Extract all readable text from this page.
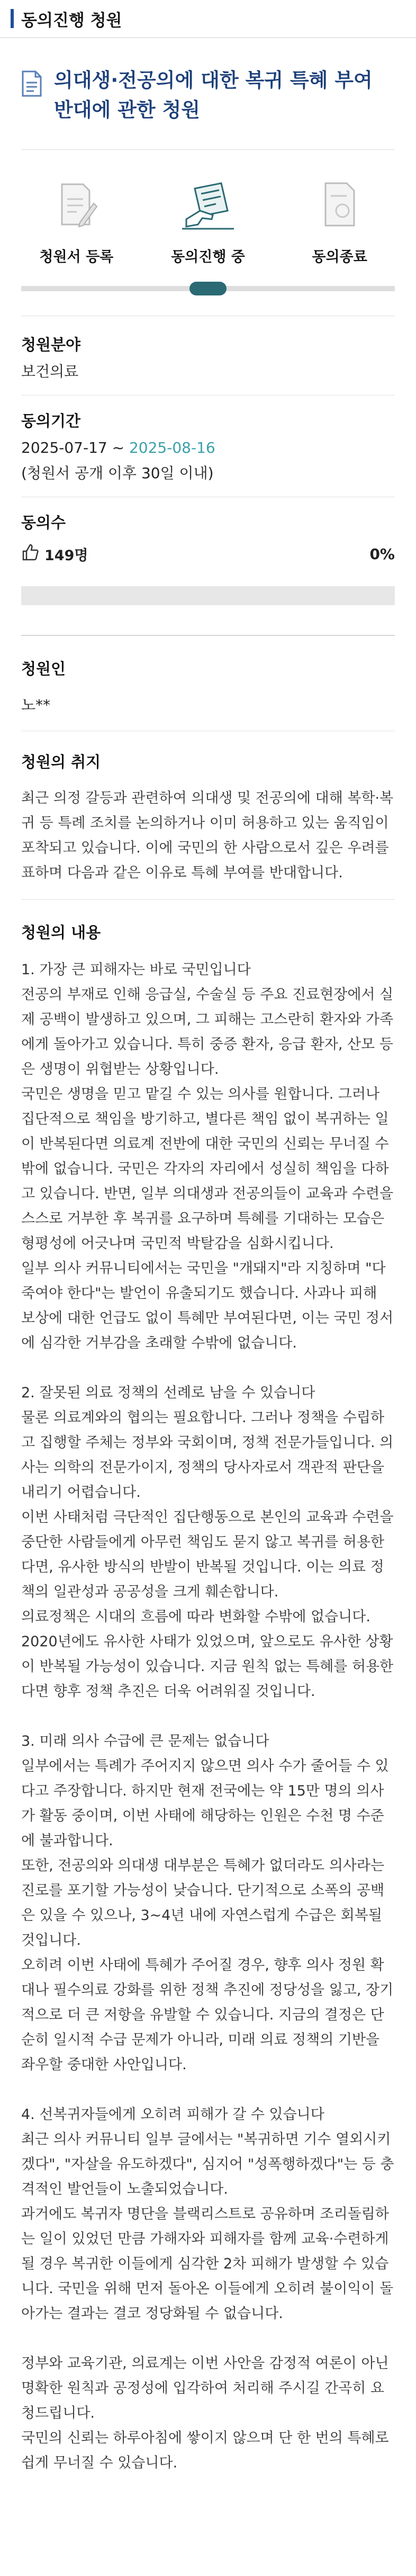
동의진행 청원
의대생·전공의에 대한 복귀 특혜 부여 반대에 관한 청원
청원서 등록	동의진행 중	동의종료
청원분야
보건의료
동의기간
2025-07-17 ~ 2025-08-16
(청원서 공개 이후 30일 이내)
동의수
149명	0%
청원인
노**
청원의 취지
최근 의정 갈등과 관련하여 의대생 및 전공의에 대해 복학·복귀 등 특례 조치를 논의하거나 이미 허용하고 있는 움직임이 포착되고 있습니다. 이에 국민의 한 사람으로서 깊은 우려를 표하며 다음과 같은 이유로 특혜 부여를 반대합니다.
청원의 내용
1. 가장 큰 피해자는 바로 국민입니다
전공의 부재로 인해 응급실, 수술실 등 주요 진료현장에서 실제 공백이 발생하고 있으며, 그 피해는 고스란히 환자와 가족에게 돌아가고 있습니다. 특히 중증 환자, 응급 환자, 산모 등은 생명이 위협받는 상황입니다.
국민은 생명을 믿고 맡길 수 있는 의사를 원합니다. 그러나 집단적으로 책임을 방기하고, 별다른 책임 없이 복귀하는 일이 반복된다면 의료계 전반에 대한 국민의 신뢰는 무너질 수밖에 없습니다. 국민은 각자의 자리에서 성실히 책임을 다하고 있습니다. 반면, 일부 의대생과 전공의들이 교육과 수련을 스스로 거부한 후 복귀를 요구하며 특혜를 기대하는 모습은 형평성에 어긋나며 국민적 박탈감을 심화시킵니다.
일부 의사 커뮤니티에서는 국민을 "개돼지"라 지칭하며 "다 죽여야 한다"는 발언이 유출되기도 했습니다. 사과나 피해 보상에 대한 언급도 없이 특혜만 부여된다면, 이는 국민 정서에 심각한 거부감을 초래할 수밖에 없습니다.
2. 잘못된 의료 정책의 선례로 남을 수 있습니다
물론 의료계와의 협의는 필요합니다. 그러나 정책을 수립하고 집행할 주체는 정부와 국회이며, 정책 전문가들입니다. 의사는 의학의 전문가이지, 정책의 당사자로서 객관적 판단을 내리기 어렵습니다.
이번 사태처럼 극단적인 집단행동으로 본인의 교육과 수련을 중단한 사람들에게 아무런 책임도 묻지 않고 복귀를 허용한다면, 유사한 방식의 반발이 반복될 것입니다. 이는 의료 정책의 일관성과 공공성을 크게 훼손합니다.
의료정책은 시대의 흐름에 따라 변화할 수밖에 없습니다. 2020년에도 유사한 사태가 있었으며, 앞으로도 유사한 상황이 반복될 가능성이 있습니다. 지금 원칙 없는 특혜를 허용한다면 향후 정책 추진은 더욱 어려워질 것입니다.
3. 미래 의사 수급에 큰 문제는 없습니다
일부에서는 특례가 주어지지 않으면 의사 수가 줄어들 수 있다고 주장합니다. 하지만 현재 전국에는 약 15만 명의 의사가 활동 중이며, 이번 사태에 해당하는 인원은 수천 명 수준에 불과합니다.
또한, 전공의와 의대생 대부분은 특혜가 없더라도 의사라는 진로를 포기할 가능성이 낮습니다. 단기적으로 소폭의 공백은 있을 수 있으나, 3~4년 내에 자연스럽게 수급은 회복될 것입니다.
오히려 이번 사태에 특혜가 주어질 경우, 향후 의사 정원 확대나 필수의료 강화를 위한 정책 추진에 정당성을 잃고, 장기적으로 더 큰 저항을 유발할 수 있습니다. 지금의 결정은 단순히 일시적 수급 문제가 아니라, 미래 의료 정책의 기반을 좌우할 중대한 사안입니다.
4. 선복귀자들에게 오히려 피해가 갈 수 있습니다
최근 의사 커뮤니티 일부 글에서는 "복귀하면 기수 열외시키겠다", "자살을 유도하겠다", 심지어 "성폭행하겠다"는 등 충격적인 발언들이 노출되었습니다.
과거에도 복귀자 명단을 블랙리스트로 공유하며 조리돌림하는 일이 있었던 만큼 가해자와 피해자를 함께 교육·수련하게 될 경우 복귀한 이들에게 심각한 2차 피해가 발생할 수 있습니다. 국민을 위해 먼저 돌아온 이들에게 오히려 불이익이 돌아가는 결과는 결코 정당화될 수 없습니다.
정부와 교육기관, 의료계는 이번 사안을 감정적 여론이 아닌 명확한 원칙과 공정성에 입각하여 처리해 주시길 간곡히 요청드립니다.
국민의 신뢰는 하루아침에 쌓이지 않으며 단 한 번의 특혜로 쉽게 무너질 수 있습니다.
